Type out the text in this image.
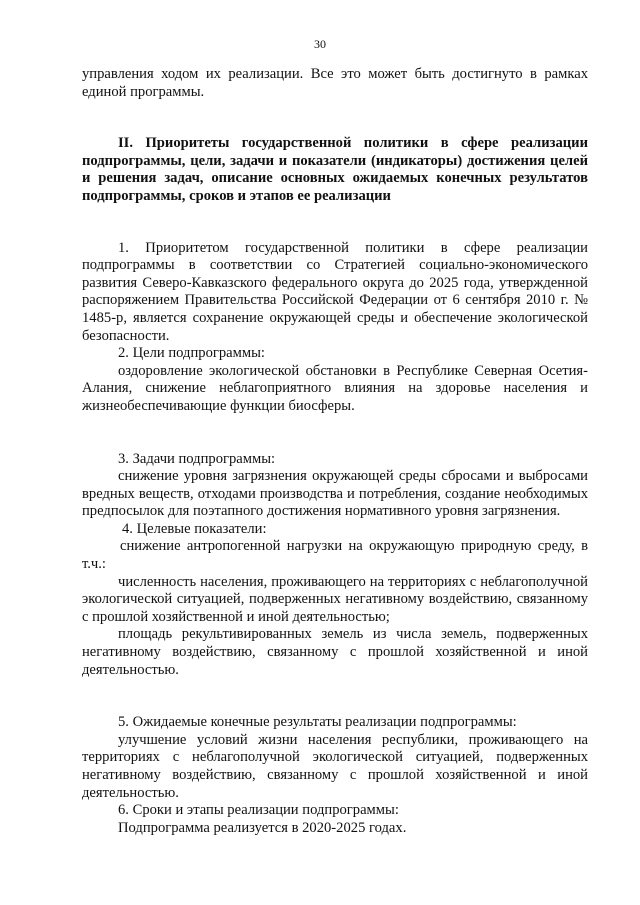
30

управления ходом их реализации. Все это может быть достигнуто в рамках единой программы.

II. Приоритеты государственной политики в сфере реализации подпрограммы, цели, задачи и показатели (индикаторы) достижения целей и решения задач, описание основных ожидаемых конечных результатов подпрограммы, сроков и этапов ее реализации

1. Приоритетом государственной политики в сфере реализации подпрограммы в соответствии со Стратегией социально-экономического развития Северо-Кавказского федерального округа до 2025 года, утвержденной распоряжением Правительства Российской Федерации от 6 сентября 2010 г. № 1485-р, является сохранение окружающей среды и обеспечение экологической безопасности.

2. Цели подпрограммы:

оздоровление экологической обстановки в Республике Северная Осетия-Алания, снижение неблагоприятного влияния на здоровье населения и жизнеобеспечивающие функции биосферы.

3. Задачи подпрограммы:

снижение уровня загрязнения окружающей среды сбросами и выбросами вредных веществ, отходами производства и потребления, создание необходимых предпосылок для поэтапного достижения нормативного уровня загрязнения.

4. Целевые показатели:

снижение антропогенной нагрузки на окружающую природную среду, в т.ч.:

численность населения, проживающего на территориях с неблагополучной экологической ситуацией, подверженных негативному воздействию, связанному с прошлой хозяйственной и иной деятельностью;

площадь рекультивированных земель из числа земель, подверженных негативному воздействию, связанному с прошлой хозяйственной и иной деятельностью.

5. Ожидаемые конечные результаты реализации подпрограммы:

улучшение условий жизни населения республики, проживающего на территориях с неблагополучной экологической ситуацией, подверженных негативному воздействию, связанному с прошлой хозяйственной и иной деятельностью.

6. Сроки и этапы реализации подпрограммы:

Подпрограмма реализуется в 2020-2025 годах.
